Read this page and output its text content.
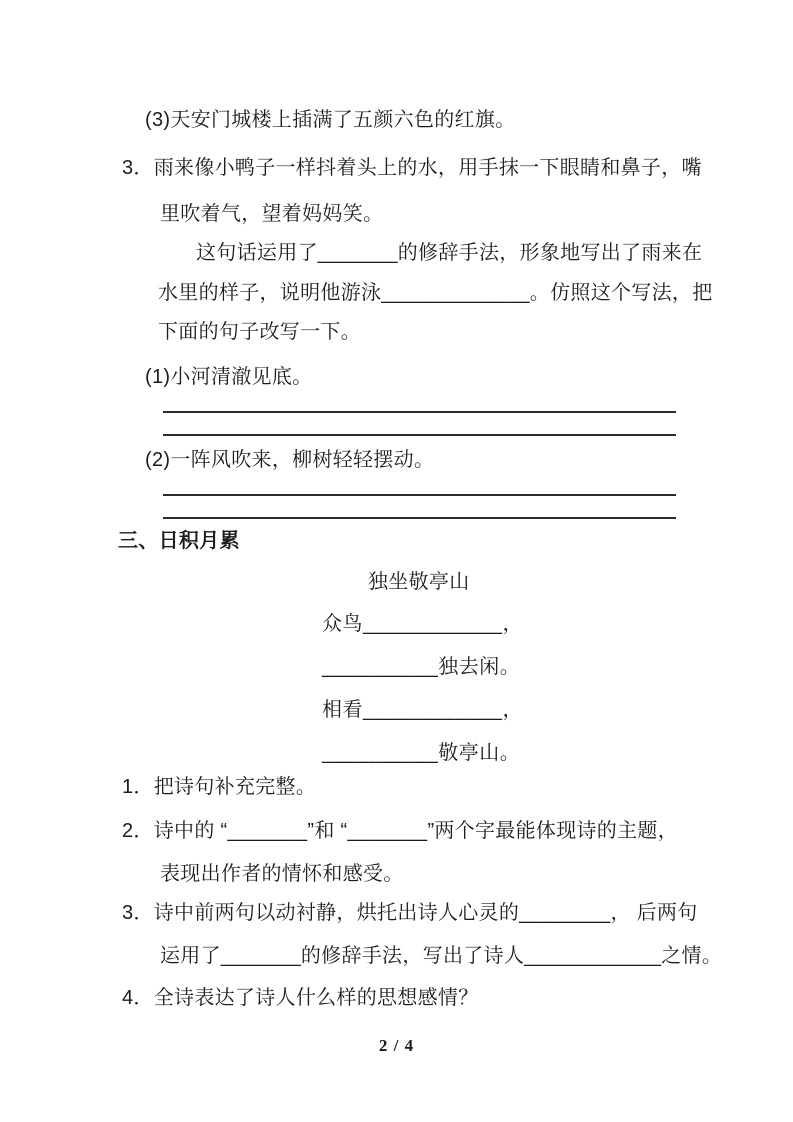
(3)天安门城楼上插满了五颜六色的红旗。
3．雨来像小鸭子一样抖着头上的水，用手抹一下眼睛和鼻子，嘴
里吹着气，望着妈妈笑。
这句话运用了_______的修辞手法，形象地写出了雨来在
水里的样子，说明他游泳_____________。仿照这个写法，把
下面的句子改写一下。
(1)小河清澈见底。
(2)一阵风吹来，柳树轻轻摆动。
三、日积月累
独坐敬亭山
众鸟____________，
__________独去闲。
相看____________，
__________敬亭山。
1．把诗句补充完整。
2．诗中的 “_______”和 “_______”两个字最能体现诗的主题，
表现出作者的情怀和感受。
3．诗中前两句以动衬静，烘托出诗人心灵的________， 后两句
运用了_______的修辞手法，写出了诗人____________之情。
4．全诗表达了诗人什么样的思想感情？
2 / 4
